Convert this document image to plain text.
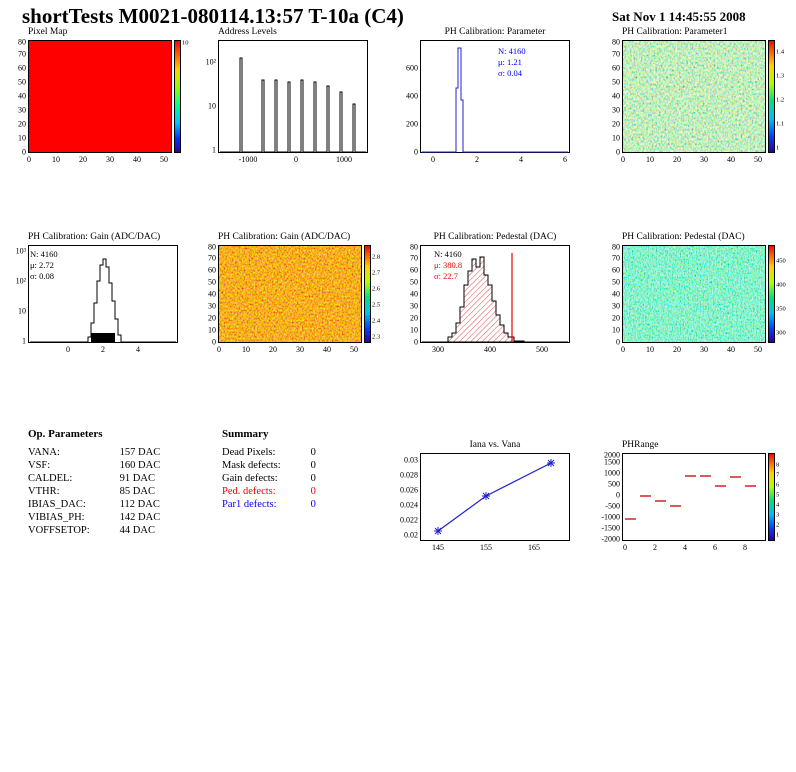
shortTests M0021-080114.13:57 T-10a (C4)	Sat Nov 1 14:45:55 2008
Pixel Map
10
0	10 20 30 40 50
0
10
20
30
40
50
60
70
80
Address Levels
-1000	0	1000
1
10
10²
PH Calibration: Parameter
N: 4160
μ: 1.21
σ: 0.04
0	2	4	6
0
200
400
600
PH Calibration: Parameter1
1
1.1
1.2
1.3
1.4
0	10 20 30 40 50
0
10
20
30
40
50
60
70
80
PH Calibration: Gain (ADC/DAC)
N: 4160
μ: 2.72
σ: 0.08
0	2	4
1
10
10²
10³
PH Calibration: Gain (ADC/DAC)
2.3
2.4
2.5
2.6
2.7
2.8
0	10 20 30 40 50
0
10
20
30
40
50
60
70
80
PH Calibration: Pedestal (DAC)
N: 4160
μ: 380.8
σ: 22.7
300	400	500
0
10
20
30
40
50
60
70
80
PH Calibration: Pedestal (DAC)
300
350
400
450
0	10 20 30 40 50
0
10
20
30
40
50
60
70
80
Op. Parameters
VANA:	157 DAC
VSF:	160 DAC
CALDEL:	91 DAC
VTHR:	85 DAC
IBIAS_DAC:	112 DAC
VIBIAS_PH:	142 DAC
VOFFSETOP:	44 DAC
Summary
Dead Pixels:	0
Mask defects:	0
Gain defects:	0
Ped. defects:	0
Par1 defects:	0
Iana vs. Vana
145	155	165
0.02
0.022
0.024
0.026
0.028
0.03
PHRange
1
2
3
4
5
6
7
8
0	2	4	6	8
-2000
-1500
-1000
-500
0
500
1000
1500
2000
